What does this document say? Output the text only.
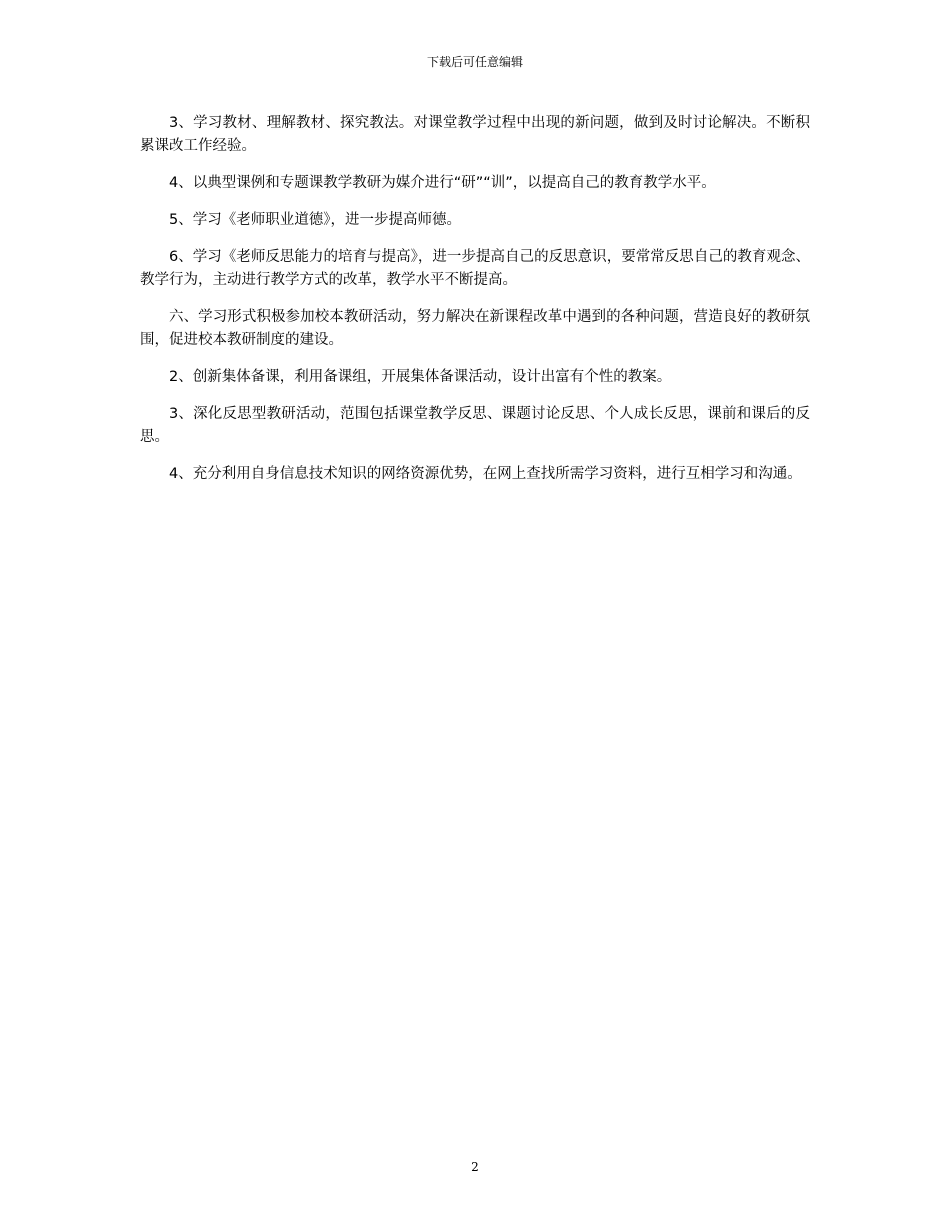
下载后可任意编辑

3、学习教材、理解教材、探究教法。对课堂教学过程中出现的新问题，做到及时讨论解决。不断积累课改工作经验。

4、以典型课例和专题课教学教研为媒介进行“研”“训”，以提高自己的教育教学水平。

5、学习《老师职业道德》，进一步提高师德。

6、学习《老师反思能力的培育与提高》，进一步提高自己的反思意识，要常常反思自己的教育观念、教学行为，主动进行教学方式的改革，教学水平不断提高。

六、学习形式积极参加校本教研活动，努力解决在新课程改革中遇到的各种问题，营造良好的教研氛围，促进校本教研制度的建设。

2、创新集体备课，利用备课组，开展集体备课活动，设计出富有个性的教案。

3、深化反思型教研活动，范围包括课堂教学反思、课题讨论反思、个人成长反思，课前和课后的反思。

4、充分利用自身信息技术知识的网络资源优势，在网上查找所需学习资料，进行互相学习和沟通。

2
